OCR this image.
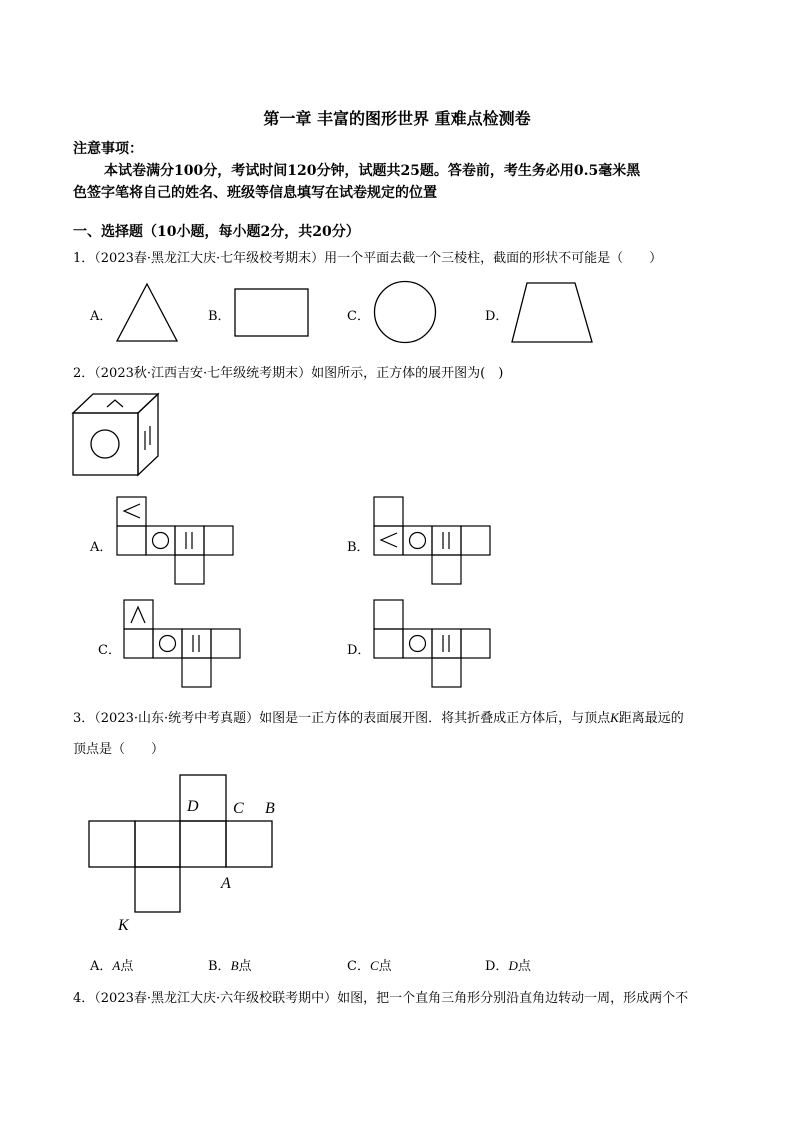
第一章 丰富的图形世界 重难点检测卷
注意事项：
本试卷满分100分，考试时间120分钟，试题共25题。答卷前，考生务必用0.5毫米黑
色签字笔将自己的姓名、班级等信息填写在试卷规定的位置
一、选择题（10小题，每小题2分，共20分）
1．（2023春·黑龙江大庆·七年级校考期末）用一个平面去截一个三棱柱，截面的形状不可能是（　　）
A．	B．	C．	D．
2．（2023秋·江西吉安·七年级统考期末）如图所示，正方体的展开图为(　)
A．	B．
C．	D．
3．（2023·山东·统考中考真题）如图是一正方体的表面展开图．将其折叠成正方体后，与顶点K距离最远的
顶点是（　　）
D C B
A
K
A．A点	B．B点	C．C点	D．D点
4．（2023春·黑龙江大庆·六年级校联考期中）如图，把一个直角三角形分别沿直角边转动一周，形成两个不
